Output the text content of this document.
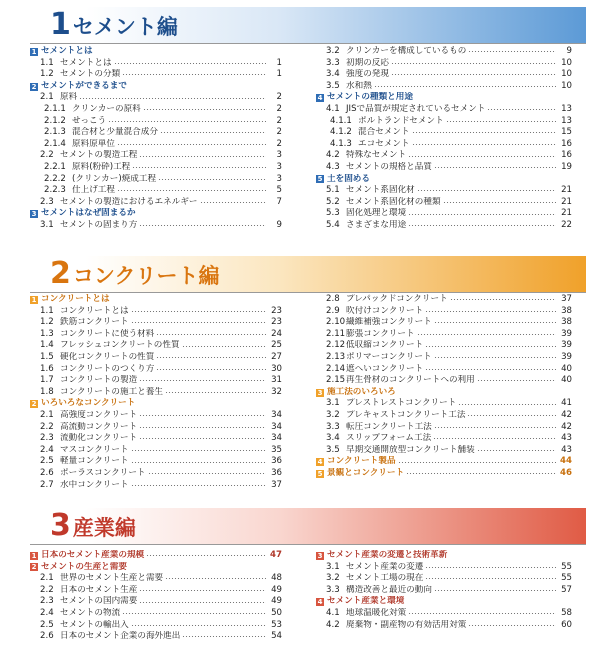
1セメント編
1 セメントとは
1.1 セメントとは	1
1.2 セメントの分類	1
2 セメントができるまで
2.1 原料	2
2.1.1 クリンカーの原料	2
2.1.2 せっこう	2
2.1.3 混合材と少量混合成分	2
2.1.4 原料原単位	2
2.2 セメントの製造工程	3
2.2.1 原料(粉砕)工程	3
2.2.2 (クリンカー)焼成工程	3
2.2.3 仕上げ工程	5
2.3 セメントの製造におけるエネルギー	7
3 セメントはなぜ固まるか
3.1 セメントの固まり方	9
3.2 クリンカーを構成しているもの	9
3.3 初期の反応	10
3.4 強度の発現	10
3.5 水和熱	10
4 セメントの種類と用途
4.1 JISで品質が規定されているセメント	13
4.1.1 ポルトランドセメント	13
4.1.2 混合セメント	15
4.1.3 エコセメント	16
4.2 特殊なセメント	16
4.3 セメントの規格と品質	19
5 土を固める
5.1 セメント系固化材	21
5.2 セメント系固化材の種類	21
5.3 固化処理と環境	21
5.4 さまざまな用途	22
2コンクリート編
1 コンクリートとは
1.1 コンクリートとは	23
1.2 鉄筋コンクリート	23
1.3 コンクリートに使う材料	24
1.4 フレッシュコンクリートの性質	25
1.5 硬化コンクリートの性質	27
1.6 コンクリートのつくり方	30
1.7 コンクリートの製造	31
1.8 コンクリートの施工と養生	32
2 いろいろなコンクリート
2.1 高強度コンクリート	34
2.2 高流動コンクリート	34
2.3 流動化コンクリート	34
2.4 マスコンクリート	35
2.5 軽量コンクリート	36
2.6 ポーラスコンクリート	36
2.7 水中コンクリート	37
2.8 プレパックドコンクリート	37
2.9 吹付けコンクリート	38
2.10 繊維補強コンクリート	38
2.11 膨張コンクリート	39
2.12 低収縮コンクリート	39
2.13 ポリマーコンクリート	39
2.14 遮へいコンクリート	40
2.15 再生骨材のコンクリートへの利用	40
3 施工法のいろいろ
3.1 プレストレストコンクリート	41
3.2 プレキャストコンクリート工法	42
3.3 転圧コンクリート工法	42
3.4 スリップフォーム工法	43
3.5 早期交通開放型コンクリート舗装	43
4 コンクリート製品	44
5 景観とコンクリート	46
3産業編
1 日本のセメント産業の規模	47
2 セメントの生産と需要
2.1 世界のセメント生産と需要	48
2.2 日本のセメント生産	49
2.3 セメントの国内需要	49
2.4 セメントの物流	50
2.5 セメントの輸出入	53
2.6 日本のセメント企業の海外進出	54
3 セメント産業の変遷と技術革新
3.1 セメント産業の変遷	55
3.2 セメント工場の現在	55
3.3 構造改善と最近の動向	57
4 セメント産業と環境
4.1 地球温暖化対策	58
4.2 廃棄物・副産物の有効活用対策	60
